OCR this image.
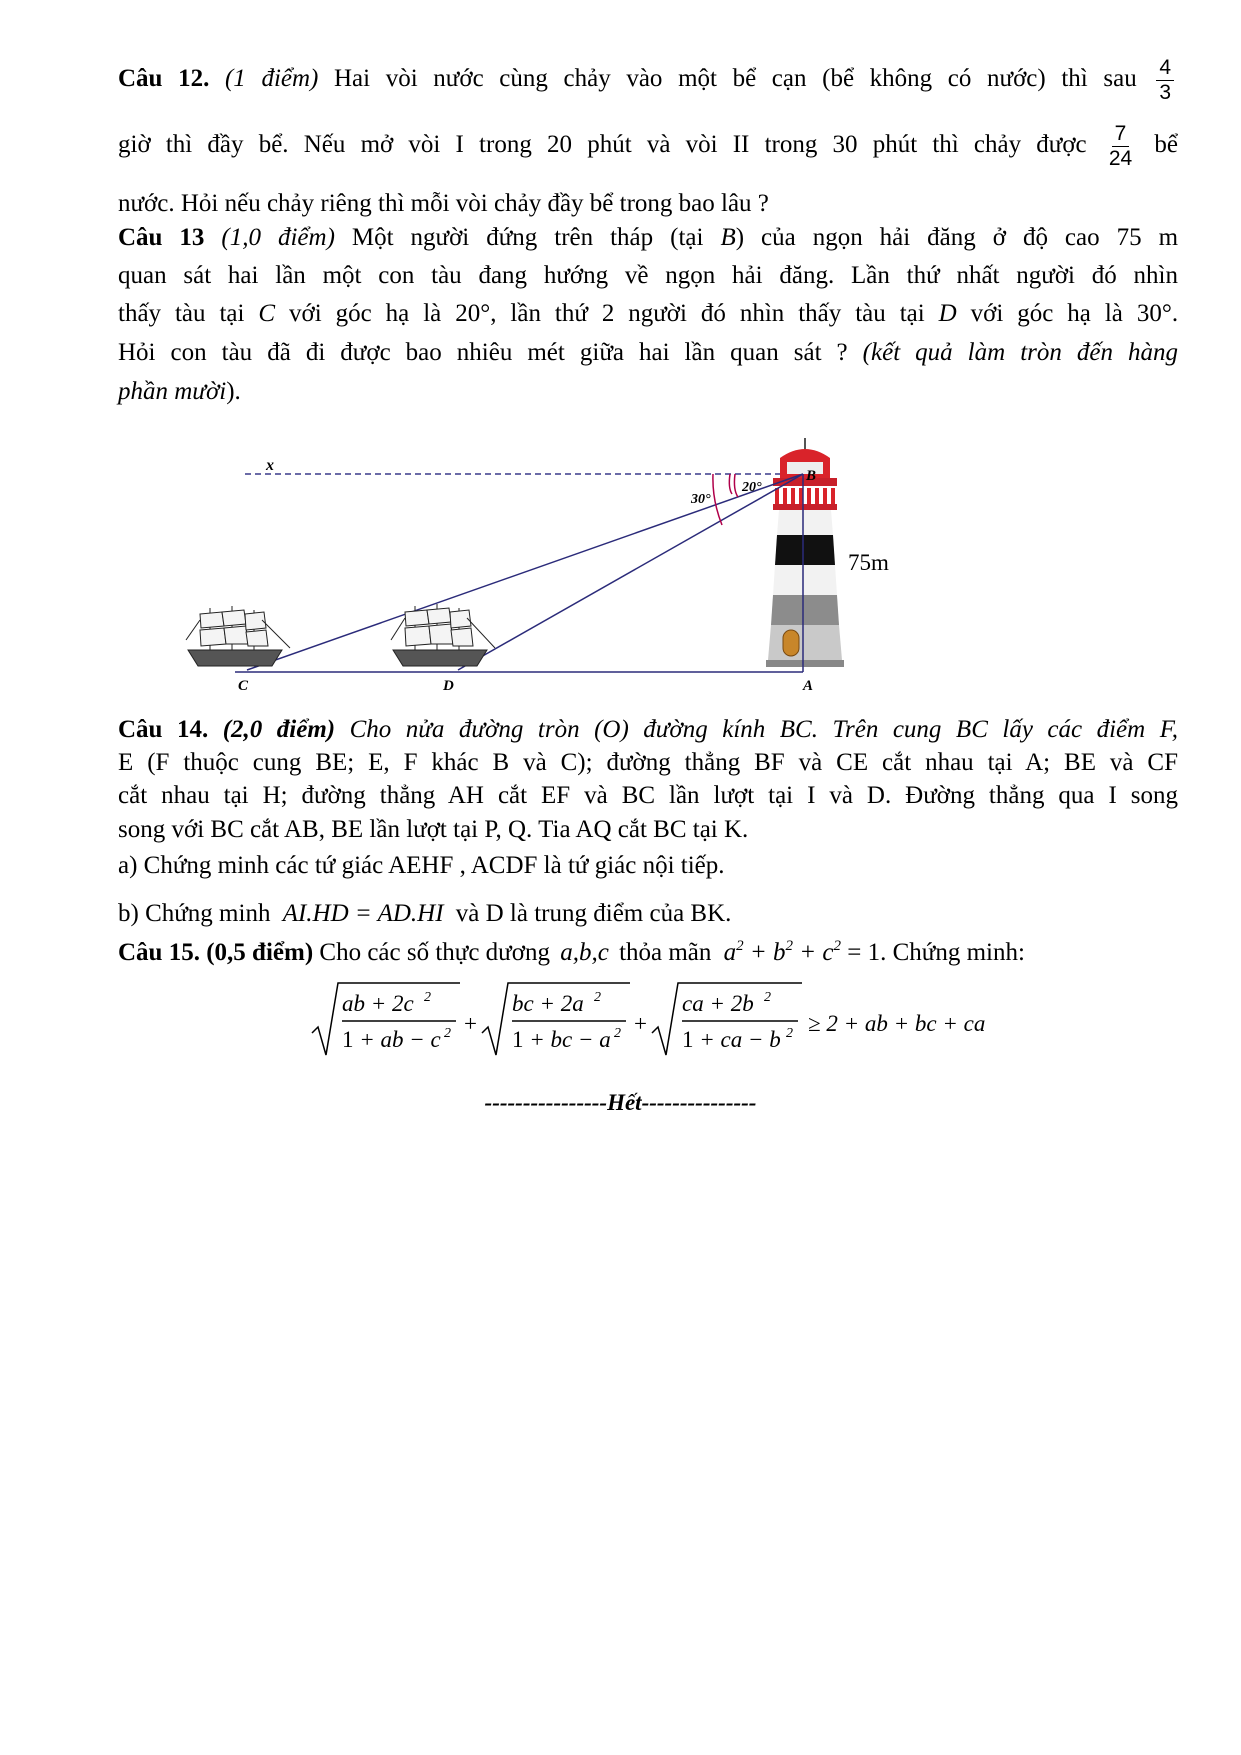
Câu 12. (1 điểm) Hai vòi nước cùng chảy vào một bể cạn (bể không có nước) thì sau $\frac{4}{3}$
giờ thì đầy bể. Nếu mở vòi I trong 20 phút và vòi II trong 30 phút thì chảy được $\frac{7}{24}$ bể
nước. Hỏi nếu chảy riêng thì mỗi vòi chảy đầy bể trong bao lâu ?
Câu 13 (1,0 điểm) Một người đứng trên tháp (tại B) của ngọn hải đăng ở độ cao 75 m
quan sát hai lần một con tàu đang hướng về ngọn hải đăng. Lần thứ nhất người đó nhìn
thấy tàu tại C với góc hạ là 20°, lần thứ 2 người đó nhìn thấy tàu tại D với góc hạ là 30°.
Hỏi con tàu đã đi được bao nhiêu mét giữa hai lần quan sát ? (kết quả làm tròn đến hàng
phần mười).
x
20°
30°
B
75m
C	D	A
Câu 14. (2,0 điểm) Cho nửa đường tròn (O) đường kính BC. Trên cung BC lấy các điểm F,
E (F thuộc cung BE; E, F khác B và C); đường thẳng BF và CE cắt nhau tại A; BE và CF
cắt nhau tại H; đường thẳng AH cắt EF và BC lần lượt tại I và D. Đường thẳng qua I song
song với BC cắt AB, BE lần lượt tại P, Q. Tia AQ cắt BC tại K.
a) Chứng minh các tứ giác AEHF , ACDF là tứ giác nội tiếp.
b) Chứng minh AI.HD = AD.HI và D là trung điểm của BK.
Câu 15. (0,5 điểm) Cho các số thực dương a,b,c thỏa mãn $a^2 + b^2 + c^2 = 1$. Chứng minh:
ab + 2c 2
1 + ab − c 2 +
bc + 2a 2
1 + bc − a 2 +
ca + 2b 2
1 + ca − b 2 ≥ 2 + ab + bc + ca
----------------Hết---------------
